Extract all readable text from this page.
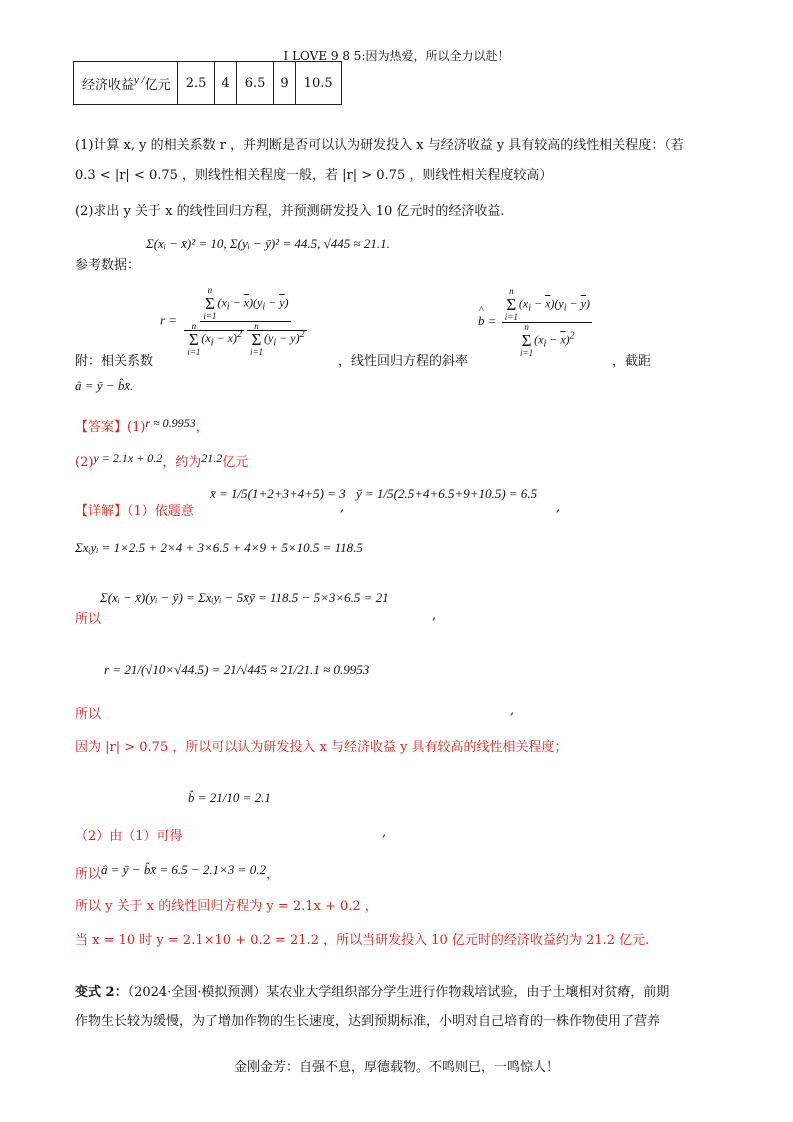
I LOVE 9 8 5:因为热爱，所以全力以赴！
经济收益$^{y /}$亿元	2.5	4	6.5	9	10.5
(1)计算 x, y 的相关系数 r ，并判断是否可以认为研发投入 x 与经济收益 y 具有较高的线性相关程度：（若
0.3 < |r| < 0.75 ，则线性相关程度一般，若 |r| > 0.75 ，则线性相关程度较高）
(2)求出 y 关于 x 的线性回归方程，并预测研发投入 10 亿元时的经济收益.
参考数据：
Σ(xᵢ − x̄)² = 10, Σ(yᵢ − ȳ)² = 44.5, √445 ≈ 21.1.
r = n
Σ
i=1
$(x_i - \overline{x})(y_i - \overline{y})$
n
Σ
i=1
$(x_i - \overline{x})^2$
n
Σ
i=1
$(y_i - \overline{y})^2$	^ b = n
Σ
i=1
$(x_i - \overline{x})(y_i - \overline{y})$
n
Σ
i=1
$(x_i - \overline{x})^2$
附：相关系数	，线性回归方程的斜率	，截距
â = ȳ − b̂x̄.
【答案】(1)r ≈ 0.9953，
(2)y = 2.1x + 0.2，约为21.2亿元
【详解】（1）依题意
x̄ = 1/5(1+2+3+4+5) = 3
,
ȳ = 1/5(2.5+4+6.5+9+10.5) = 6.5
,
Σxᵢyᵢ = 1×2.5 + 2×4 + 3×6.5 + 4×9 + 5×10.5 = 118.5
所以
Σ(xᵢ − x̄)(yᵢ − ȳ) = Σxᵢyᵢ − 5x̄ȳ = 118.5 − 5×3×6.5 = 21
,
所以
r = 21/(√10×√44.5) = 21/√445 ≈ 21/21.1 ≈ 0.9953
,
因为 |r| > 0.75 ，所以可以认为研发投入 x 与经济收益 y 具有较高的线性相关程度；
b̂ = 21/10 = 2.1
（2）由（1）可得	,
所以â = ȳ − b̂x̄ = 6.5 − 2.1×3 = 0.2，
所以 y 关于 x 的线性回归方程为 y = 2.1x + 0.2 ，
当 x = 10 时 y = 2.1×10 + 0.2 = 21.2 ，所以当研发投入 10 亿元时的经济收益约为 21.2 亿元.
变式 2：（2024·全国·模拟预测）某农业大学组织部分学生进行作物栽培试验，由于土壤相对贫瘠，前期
作物生长较为缓慢，为了增加作物的生长速度，达到预期标准，小明对自己培育的一株作物使用了营养
金刚金芳：自强不息，厚德载物。不鸣则已，一鸣惊人！
